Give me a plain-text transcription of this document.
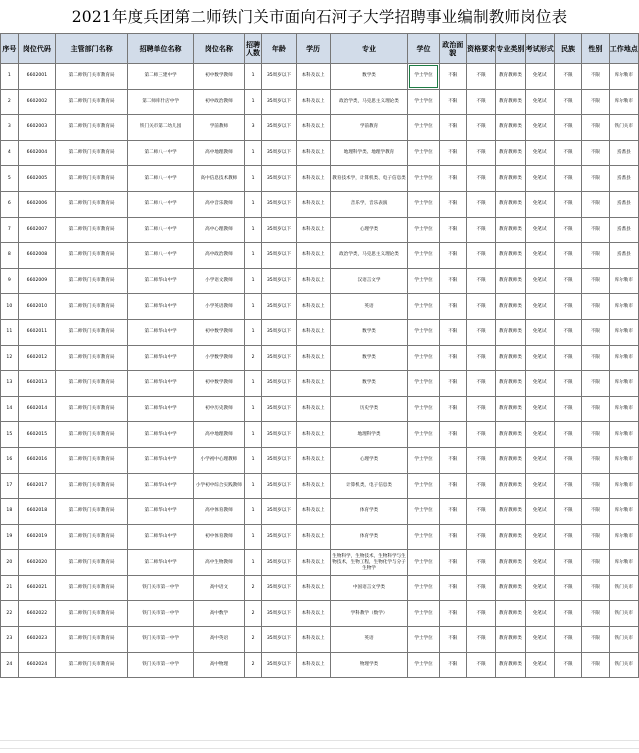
2021年度兵团第二师铁门关市面向石河子大学招聘事业编制教师岗位表
序号	岗位代码	主管部门名称	招聘单位名称	岗位名称	招聘人数	年龄	学历	专业	学位	政治面貌	资格要求	专业类别	考试形式	民族	性别	工作地点
1	6602001	第二师铁门关市教育局	第二师三建中学	初中数学教师	1	35周岁以下	本科及以上	数学类	学士学位	不限	不限	教育教师类	免笔试	不限	不限	库尔勒市
2	6602002	第二师铁门关市教育局	第二师库什店中学	初中政治教师	1	35周岁以下	本科及以上	政治学类，马克思主义理论类	学士学位	不限	不限	教育教师类	免笔试	不限	不限	库尔勒市
3	6602003	第二师铁门关市教育局	铁门关市第二幼儿园	学前教师	3	35周岁以下	本科及以上	学前教育	学士学位	不限	不限	教育教师类	免笔试	不限	不限	铁门关市
4	6602004	第二师铁门关市教育局	第二师八一中学	高中地理教师	1	35周岁以下	本科及以上	地理科学类、地理学教育	学士学位	不限	不限	教育教师类	免笔试	不限	不限	焉耆县
5	6602005	第二师铁门关市教育局	第二师八一中学	高中信息技术教师	1	35周岁以下	本科及以上	教育技术学，计算机类、电子信息类	学士学位	不限	不限	教育教师类	免笔试	不限	不限	焉耆县
6	6602006	第二师铁门关市教育局	第二师八一中学	高中音乐教师	1	35周岁以下	本科及以上	音乐学，音乐表演	学士学位	不限	不限	教育教师类	免笔试	不限	不限	焉耆县
7	6602007	第二师铁门关市教育局	第二师八一中学	高中心理教师	1	35周岁以下	本科及以上	心理学类	学士学位	不限	不限	教育教师类	免笔试	不限	不限	焉耆县
8	6602008	第二师铁门关市教育局	第二师八一中学	高中政治教师	1	35周岁以下	本科及以上	政治学类，马克思主义理论类	学士学位	不限	不限	教育教师类	免笔试	不限	不限	焉耆县
9	6602009	第二师铁门关市教育局	第二师华山中学	小学语文教师	1	35周岁以下	本科及以上	汉语言文学	学士学位	不限	不限	教育教师类	免笔试	不限	不限	库尔勒市
10	6602010	第二师铁门关市教育局	第二师华山中学	小学英语教师	1	35周岁以下	本科及以上	英语	学士学位	不限	不限	教育教师类	免笔试	不限	不限	库尔勒市
11	6602011	第二师铁门关市教育局	第二师华山中学	初中数学教师	1	35周岁以下	本科及以上	数学类	学士学位	不限	不限	教育教师类	免笔试	不限	不限	库尔勒市
12	6602012	第二师铁门关市教育局	第二师华山中学	小学数学教师	2	35周岁以下	本科及以上	数学类	学士学位	不限	不限	教育教师类	免笔试	不限	不限	库尔勒市
13	6602013	第二师铁门关市教育局	第二师华山中学	初中数学教师	1	35周岁以下	本科及以上	数学类	学士学位	不限	不限	教育教师类	免笔试	不限	不限	库尔勒市
14	6602014	第二师铁门关市教育局	第二师华山中学	初中历史教师	1	35周岁以下	本科及以上	历史学类	学士学位	不限	不限	教育教师类	免笔试	不限	不限	库尔勒市
15	6602015	第二师铁门关市教育局	第二师华山中学	高中地理教师	1	35周岁以下	本科及以上	地理科学类	学士学位	不限	不限	教育教师类	免笔试	不限	不限	库尔勒市
16	6602016	第二师铁门关市教育局	第二师华山中学	小学初中心理教师	1	35周岁以下	本科及以上	心理学类	学士学位	不限	不限	教育教师类	免笔试	不限	不限	库尔勒市
17	6602017	第二师铁门关市教育局	第二师华山中学	小学初中综合实践教师	1	35周岁以下	本科及以上	计算机类，电子信息类	学士学位	不限	不限	教育教师类	免笔试	不限	不限	库尔勒市
18	6602018	第二师铁门关市教育局	第二师华山中学	高中体育教师	1	35周岁以下	本科及以上	体育学类	学士学位	不限	不限	教育教师类	免笔试	不限	不限	库尔勒市
19	6602019	第二师铁门关市教育局	第二师华山中学	初中体育教师	1	35周岁以下	本科及以上	体育学类	学士学位	不限	不限	教育教师类	免笔试	不限	不限	库尔勒市
20	6602020	第二师铁门关市教育局	第二师华山中学	高中生物教师	1	35周岁以下	本科及以上	生物科学，生物技术，生物科学与生物技术，生物工程，生物化学与分子生物学	学士学位	不限	不限	教育教师类	免笔试	不限	不限	库尔勒市
21	6602021	第二师铁门关市教育局	铁门关市第一中学	高中语文	2	35周岁以下	本科及以上	中国语言文学类	学士学位	不限	不限	教育教师类	免笔试	不限	不限	铁门关市
22	6602022	第二师铁门关市教育局	铁门关市第一中学	高中数学	2	35周岁以下	本科及以上	学科教学（数学）	学士学位	不限	不限	教育教师类	免笔试	不限	不限	铁门关市
23	6602023	第二师铁门关市教育局	铁门关市第一中学	高中英语	2	35周岁以下	本科及以上	英语	学士学位	不限	不限	教育教师类	免笔试	不限	不限	铁门关市
24	6602024	第二师铁门关市教育局	铁门关市第一中学	高中物理	2	35周岁以下	本科及以上	物理学类	学士学位	不限	不限	教育教师类	免笔试	不限	不限	铁门关市
